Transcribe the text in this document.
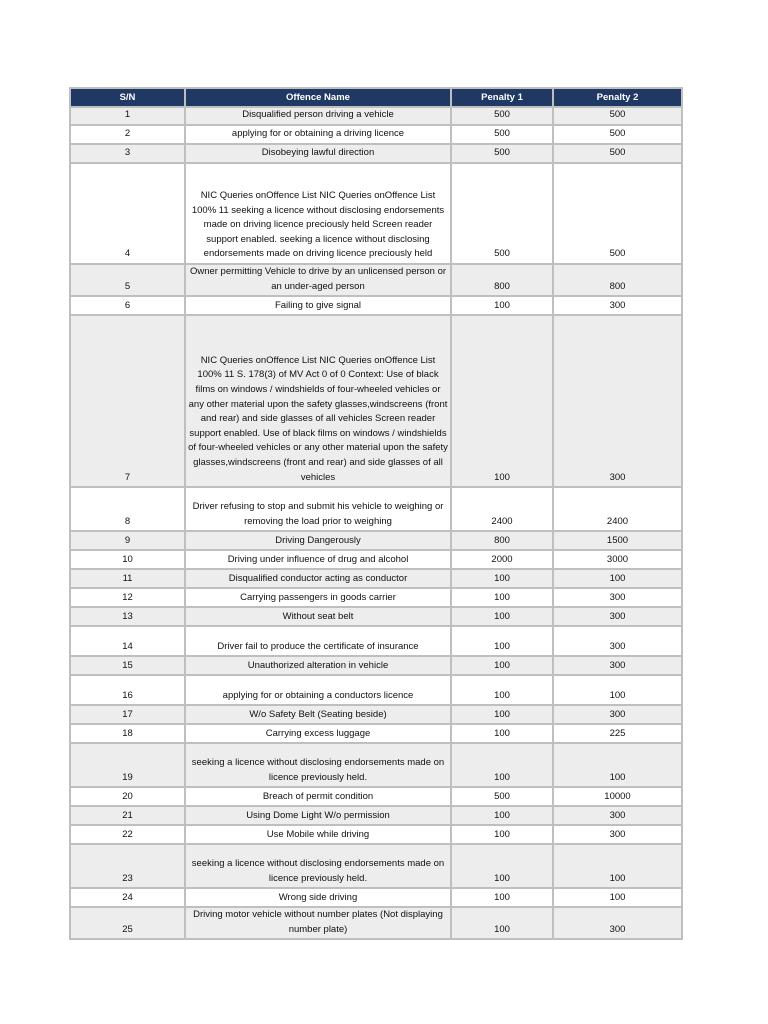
S/N	Offence Name	Penalty 1	Penalty 2
1	Disqualified person driving a vehicle	500	500
2	applying for or obtaining a driving licence	500	500
3	Disobeying lawful direction	500	500
4	NIC Queries onOffence List NIC Queries onOffence List 100% 11 seeking a licence without disclosing endorsements made on driving licence preciously held Screen reader support enabled. seeking a licence without disclosing endorsements made on driving licence preciously held	500	500
5	Owner permitting Vehicle to drive by an unlicensed person or an under-aged person	800	800
6	Failing to give signal	100	300
7	NIC Queries onOffence List NIC Queries onOffence List 100% 11 S. 178(3) of MV Act 0 of 0 Context: Use of black films on windows / windshields of four-wheeled vehicles or any other material upon the safety glasses,windscreens (front and rear) and side glasses of all vehicles Screen reader support enabled. Use of black films on windows / windshields of four-wheeled vehicles or any other material upon the safety glasses,windscreens (front and rear) and side glasses of all vehicles	100	300
8	Driver refusing to stop and submit his vehicle to weighing or removing the load prior to weighing	2400	2400
9	Driving Dangerously	800	1500
10	Driving under influence of drug and alcohol	2000	3000
11	Disqualified conductor acting as conductor	100	100
12	Carrying passengers in goods carrier	100	300
13	Without seat belt	100	300
14	Driver fail to produce the certificate of insurance	100	300
15	Unauthorized alteration in vehicle	100	300
16	applying for or obtaining a conductors licence	100	100
17	W/o Safety Belt (Seating beside)	100	300
18	Carrying excess luggage	100	225
19	seeking a licence without disclosing endorsements made on licence previously held.	100	100
20	Breach of permit condition	500	10000
21	Using Dome Light W/o permission	100	300
22	Use Mobile while driving	100	300
23	seeking a licence without disclosing endorsements made on licence previously held.	100	100
24	Wrong side driving	100	100
25	Driving motor vehicle without number plates (Not displaying number plate)	100	300
